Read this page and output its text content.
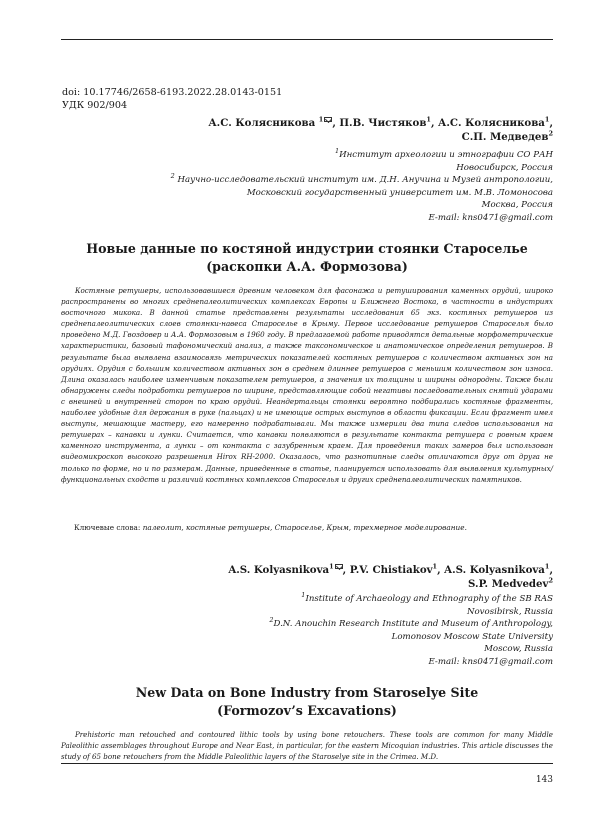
doi: 10.17746/2658-6193.2022.28.0143-0151
УДК 902/904
А.С. Колясникова $^1$ , П.В. Чистяков$^1$, А.С. Колясникова$^1$,
С.П. Медведев$^2$
$^1$Институт археологии и этнографии СО РАН
Новосибирск, Россия
$^2$ Научно-исследовательский институт им. Д.Н. Анучина и Музей антропологии,
Московский государственный университет им. М.В. Ломоносова
Москва, Россия
E-mail: kns0471@gmail.com
Новые данные по костяной индустрии стоянки Староселье
(раскопки А.А. Формозова)

Костяные ретушеры, использовавшиеся древним человеком для фасонажа и ретуширования каменных орудий, широко распространены во многих среднепалеолитических комплексах Европы и Ближнего Востока, в частности в индустриях восточного микока. В данной статье представлены результаты исследования 65 экз. костяных ретушеров из среднепалеолитических слоев стоянки-навеса Староселье в Крыму. Первое исследование ретушеров Староселья было проведено М.Д. Гвоздовер и А.А. Формозовым в 1960 году. В предлагаемой работе приводятся детальные морфометрические характеристики, базовый тафономический анализ, а также таксономическое и анатомическое определения ретушеров. В результате была выявлена взаимосвязь метрических показателей костяных ретушеров с количеством активных зон на орудиях. Орудия с большим количеством активных зон в среднем длиннее ретушеров с меньшим количеством зон износа. Длина оказалась наиболее изменчивым показателем ретушеров, а значения их толщины и ширины однородны. Также были обнаружены следы подработки ретушеров по ширине, представляющие собой негативы последовательных снятий ударами с внешней и внутренней сторон по краю орудий. Неандертальцы стоянки вероятно подбирались костяные фрагменты, наиболее удобные для держания в руке (пальцах) и не имеющие острых выступов в области фиксации. Если фрагмент имел выступы, мешающие мастеру, его намеренно подрабатывали. Мы также измерили два типа следов использования на ретушерах – канавки и лунки. Считается, что канавки появляются в результате контакта ретушера с ровным краем каменного инструмента, а лунки – от контакта с зазубренным краем. Для проведения таких замеров был использован видеомикроскоп высокого разрешения Hirox RH-2000. Оказалось, что разнотипные следы отличаются друг от друга не только по форме, но и по размерам. Данные, приведенные в статье, планируется использовать для выявления культурных/функциональных сходств и различий костяных комплексов Староселья и других среднепалеолитических памятников.

Ключевые слова: палеолит, костяные ретушеры, Староселье, Крым, трехмерное моделирование.
A.S. Kolyasnikova$^1$ , P.V. Chistiakov$^1$, A.S. Kolyasnikova$^1$,
S.P. Medvedev$^2$
$^1$Institute of Archaeology and Ethnography of the SB RAS
Novosibirsk, Russia
$^2$D.N. Anouchin Research Institute and Museum of Anthropology,
Lomonosov Moscow State University
Moscow, Russia
E-mail: kns0471@gmail.com
New Data on Bone Industry from Staroselye Site
(Formozov’s Excavations)

Prehistoric man retouched and contoured lithic tools by using bone retouchers. These tools are common for many Middle Paleolithic assemblages throughout Europe and Near East, in particular, for the eastern Micoquian industries. This article discusses the study of 65 bone retouchers from the Middle Paleolithic layers of the Staroselye site in the Crimea. M.D.

143
